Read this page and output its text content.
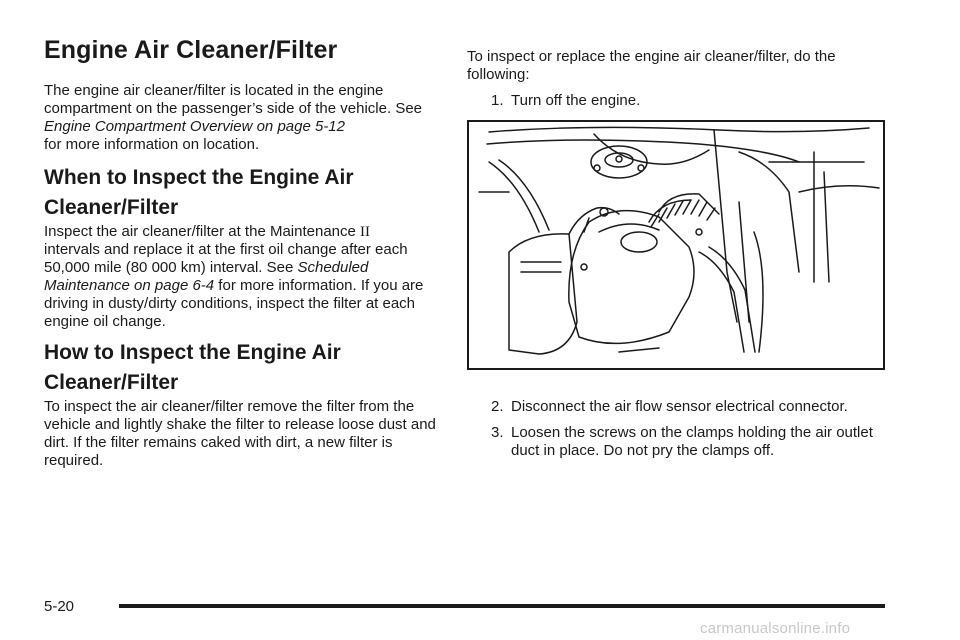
Engine Air Cleaner/Filter

The engine air cleaner/filter is located in the engine compartment on the passenger’s side of the vehicle. See Engine Compartment Overview on page 5-12
for more information on location.

When to Inspect the Engine Air
Cleaner/Filter

Inspect the air cleaner/filter at the Maintenance II
intervals and replace it at the first oil change after each 50,000 mile (80 000 km) interval. See Scheduled Maintenance on page 6-4 for more information. If you are driving in dusty/dirty conditions, inspect the filter at each engine oil change.

How to Inspect the Engine Air
Cleaner/Filter

To inspect the air cleaner/filter remove the filter from the vehicle and lightly shake the filter to release loose dust and dirt. If the filter remains caked with dirt, a new filter is required.

To inspect or replace the engine air cleaner/filter, do the following:

1. Turn off the engine.
2. Disconnect the air flow sensor electrical connector.
3. Loosen the screws on the clamps holding the air outlet duct in place. Do not pry the clamps off.
5-20
carmanualsonline.info
